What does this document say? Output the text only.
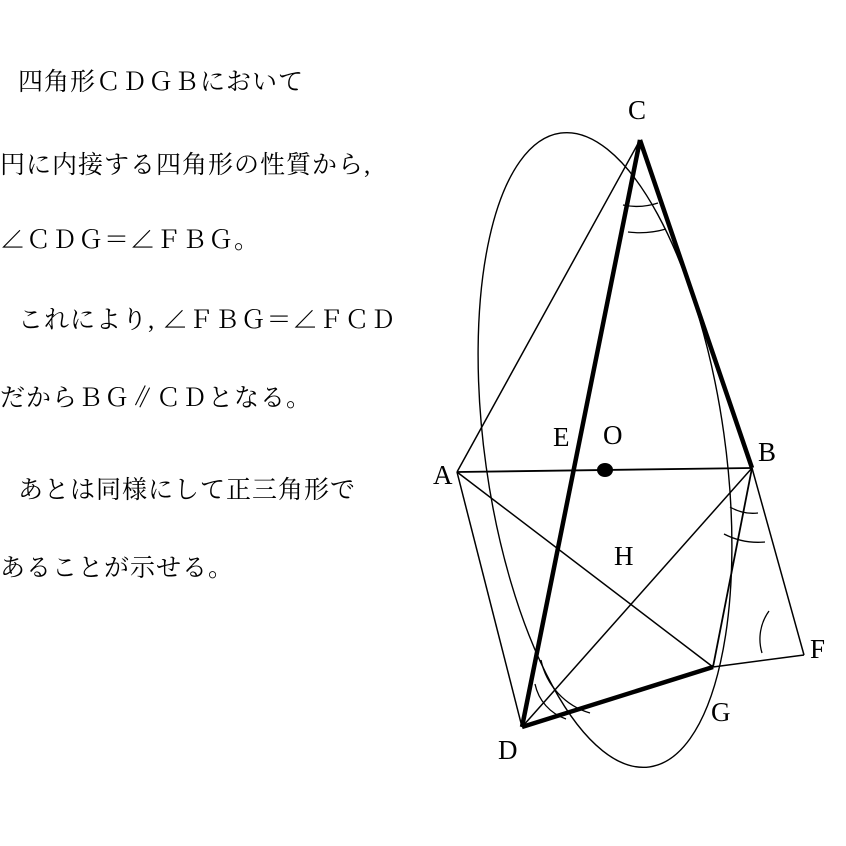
四角形ＣＤＧＢにおいて
円に内接する四角形の性質から,
∠ＣＤＧ＝∠ＦＢＧ。
これにより, ∠ＦＢＧ＝∠ＦＣＤ
だからＢＧ∥ＣＤとなる。
あとは同様にして正三角形で
あることが示せる。
C
E O
A
B
H
F
G
D
